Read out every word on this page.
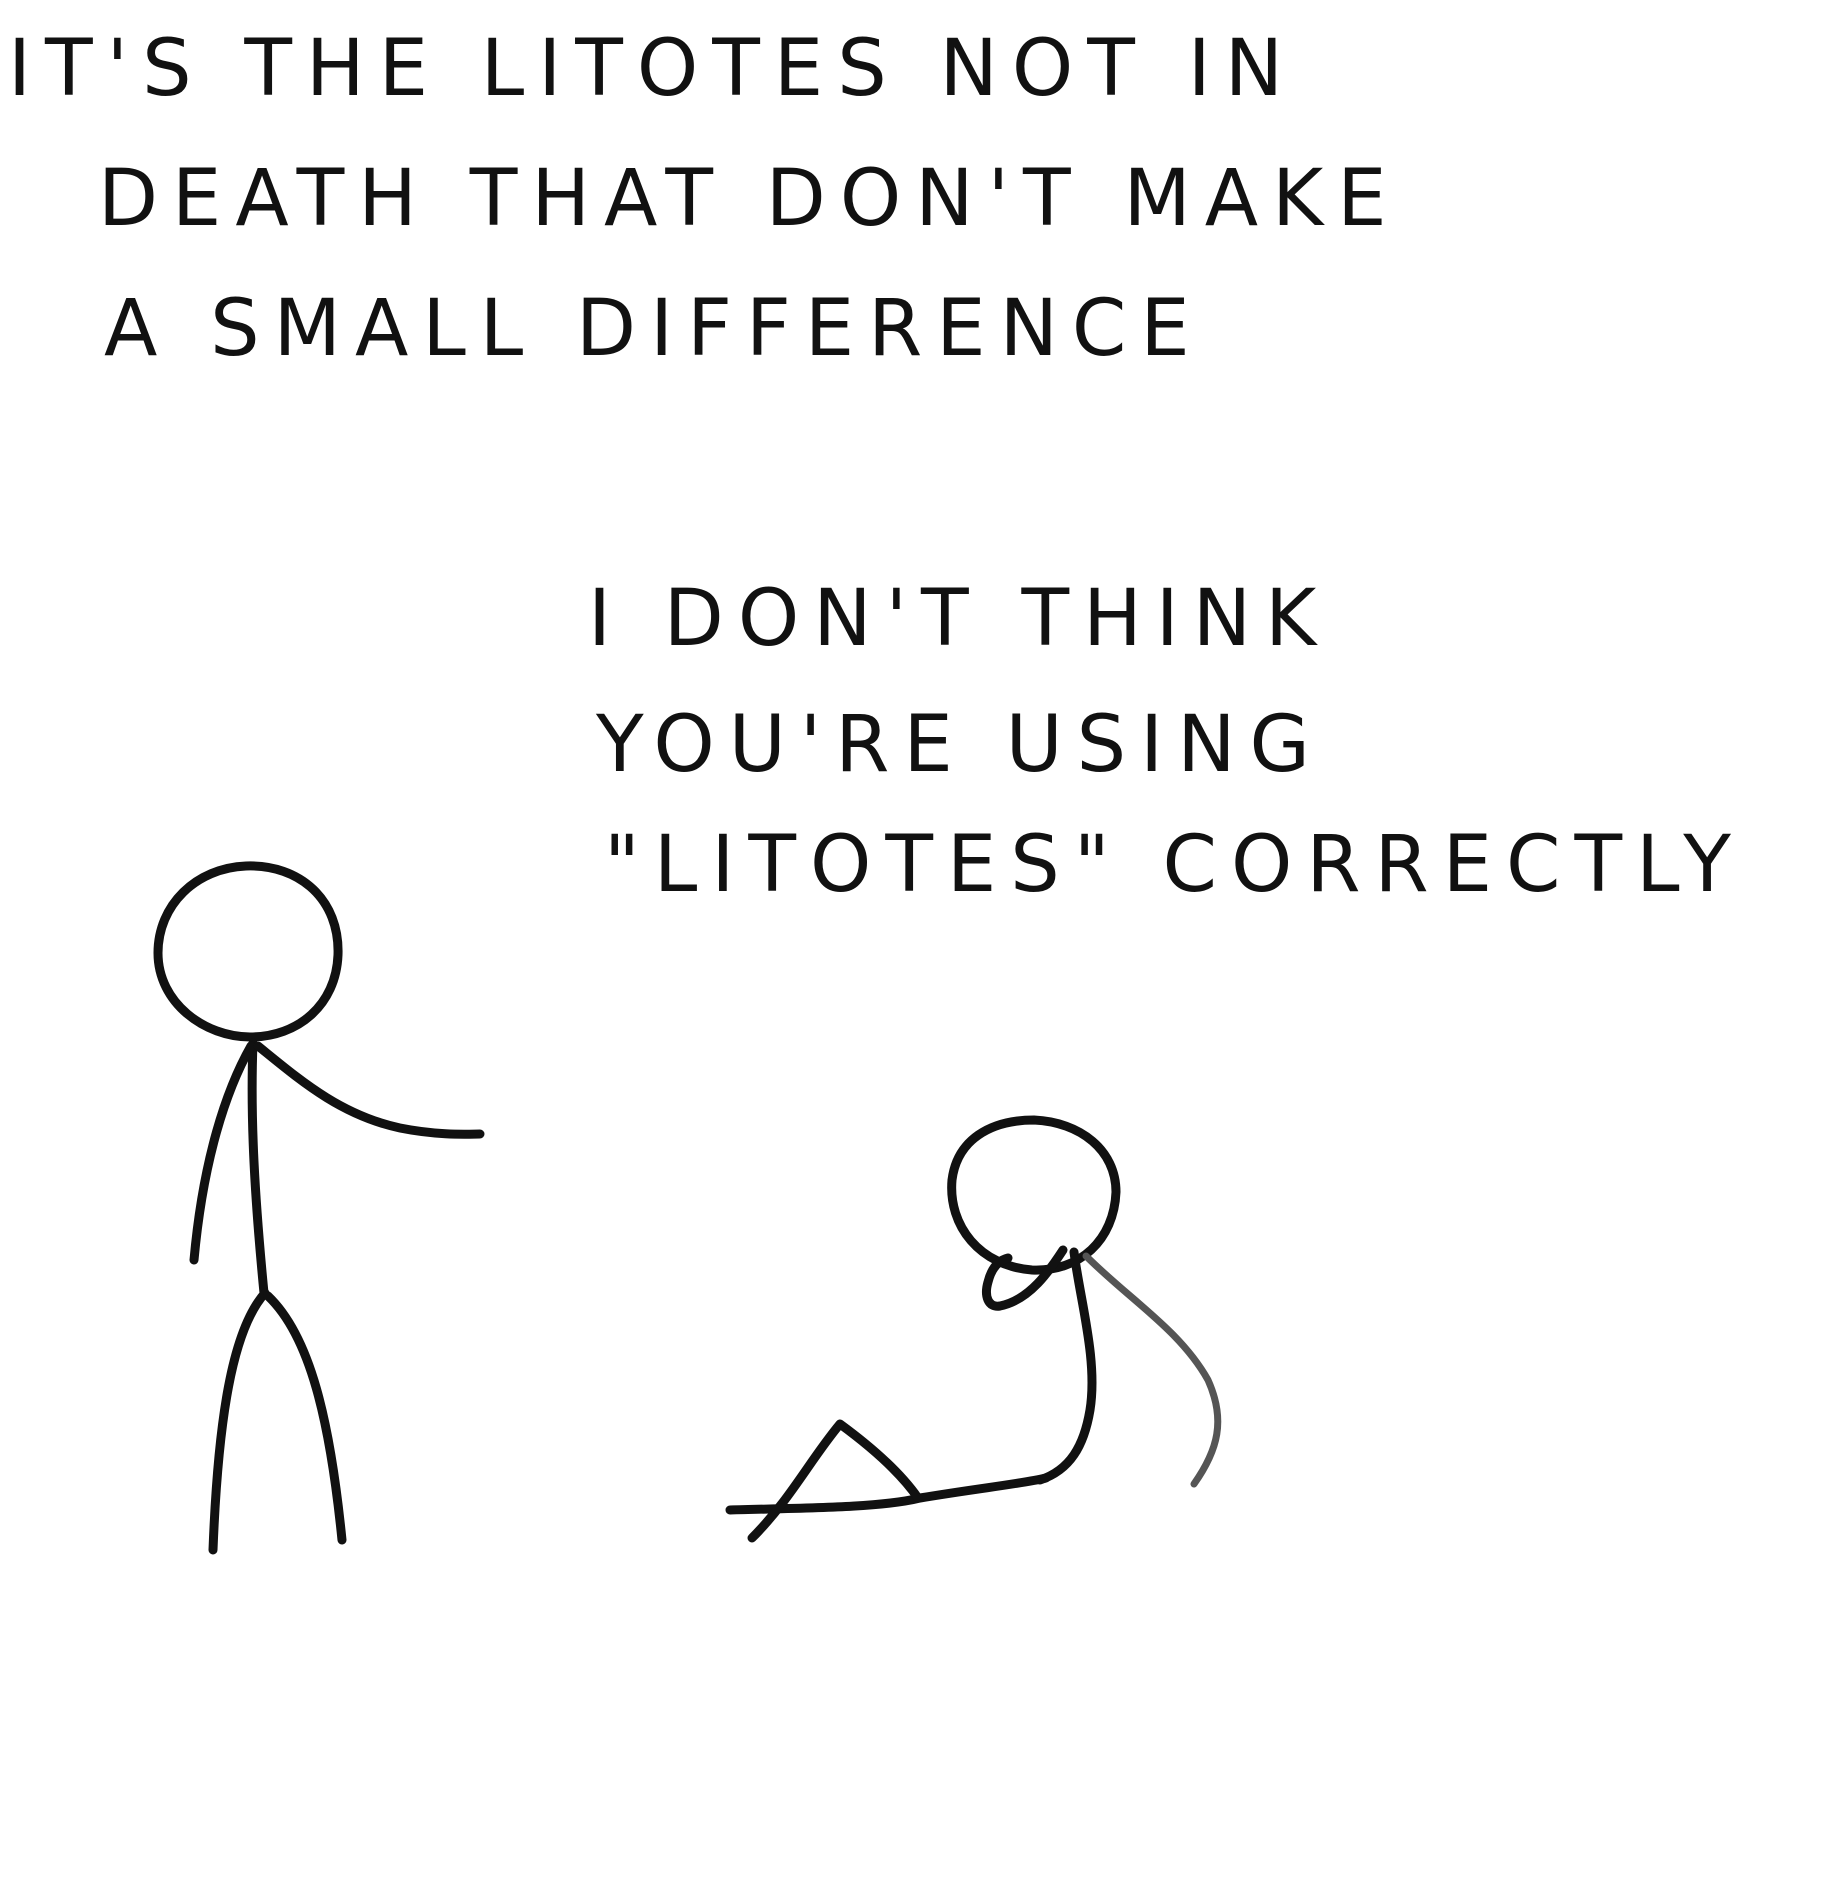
IT'S THE LITOTES NOT IN
DEATH THAT DON'T MAKE
A SMALL DIFFERENCE
I DON'T THINK
YOU'RE USING
"LITOTES" CORRECTLY
